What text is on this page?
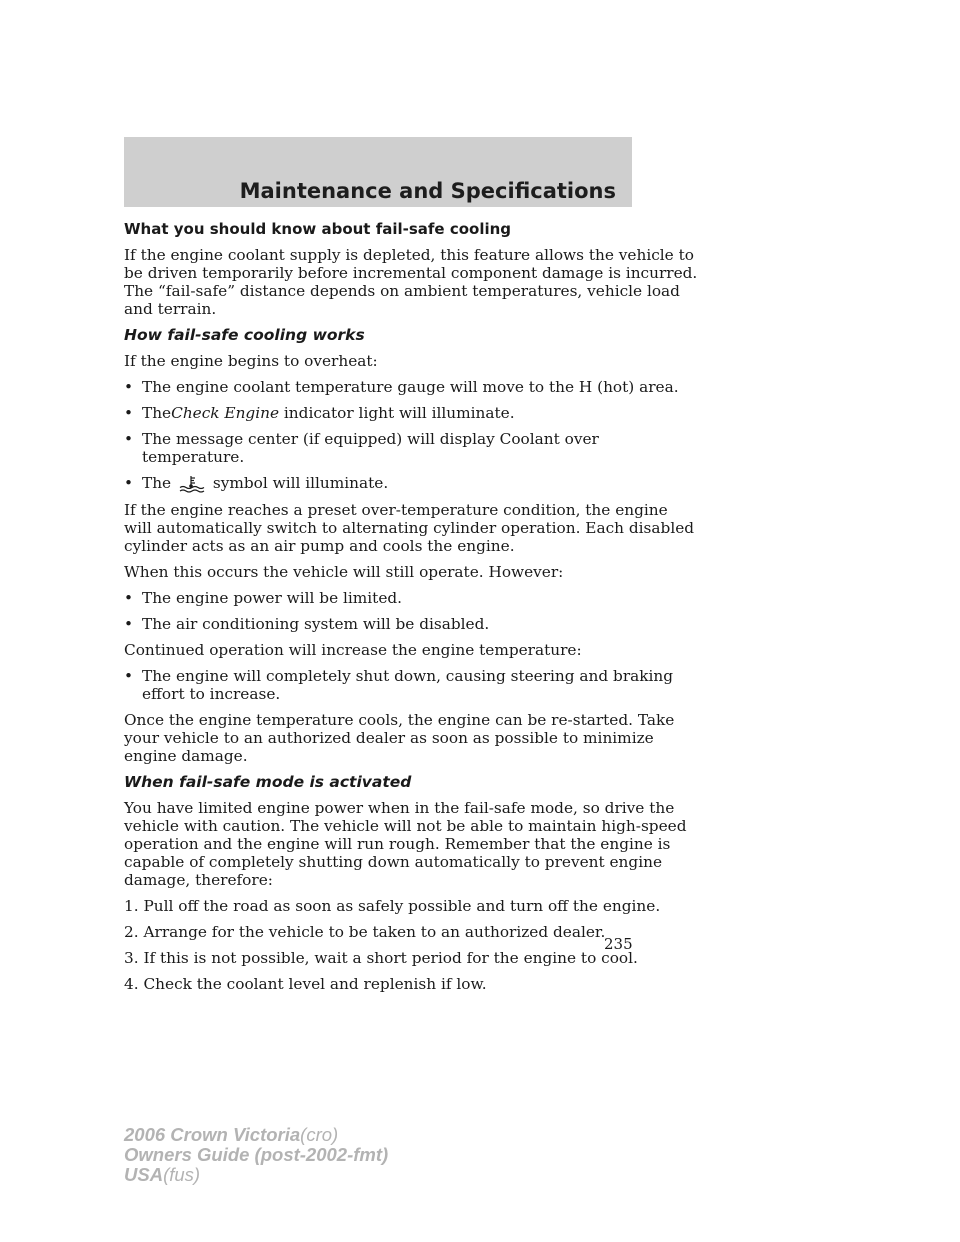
Maintenance and Specifications
What you should know about fail-safe cooling

If the engine coolant supply is depleted, this feature allows the vehicle to
be driven temporarily before incremental component damage is incurred.
The “fail-safe” distance depends on ambient temperatures, vehicle load
and terrain.

How fail-safe cooling works

If the engine begins to overheat:

• The engine coolant temperature gauge will move to the H (hot) area.
• TheCheck Engine indicator light will illuminate.
• The message center (if equipped) will display Coolant over
temperature.
• The	symbol will illuminate.

If the engine reaches a preset over-temperature condition, the engine
will automatically switch to alternating cylinder operation. Each disabled
cylinder acts as an air pump and cools the engine.

When this occurs the vehicle will still operate. However:

• The engine power will be limited.
• The air conditioning system will be disabled.

Continued operation will increase the engine temperature:

• The engine will completely shut down, causing steering and braking
effort to increase.

Once the engine temperature cools, the engine can be re-started. Take
your vehicle to an authorized dealer as soon as possible to minimize
engine damage.

When fail-safe mode is activated

You have limited engine power when in the fail-safe mode, so drive the
vehicle with caution. The vehicle will not be able to maintain high-speed
operation and the engine will run rough. Remember that the engine is
capable of completely shutting down automatically to prevent engine
damage, therefore:

1. Pull off the road as soon as safely possible and turn off the engine.

2. Arrange for the vehicle to be taken to an authorized dealer.

3. If this is not possible, wait a short period for the engine to cool.

4. Check the coolant level and replenish if low.

235
2006 Crown Victoria(cro)
Owners Guide (post-2002-fmt)
USA(fus)
